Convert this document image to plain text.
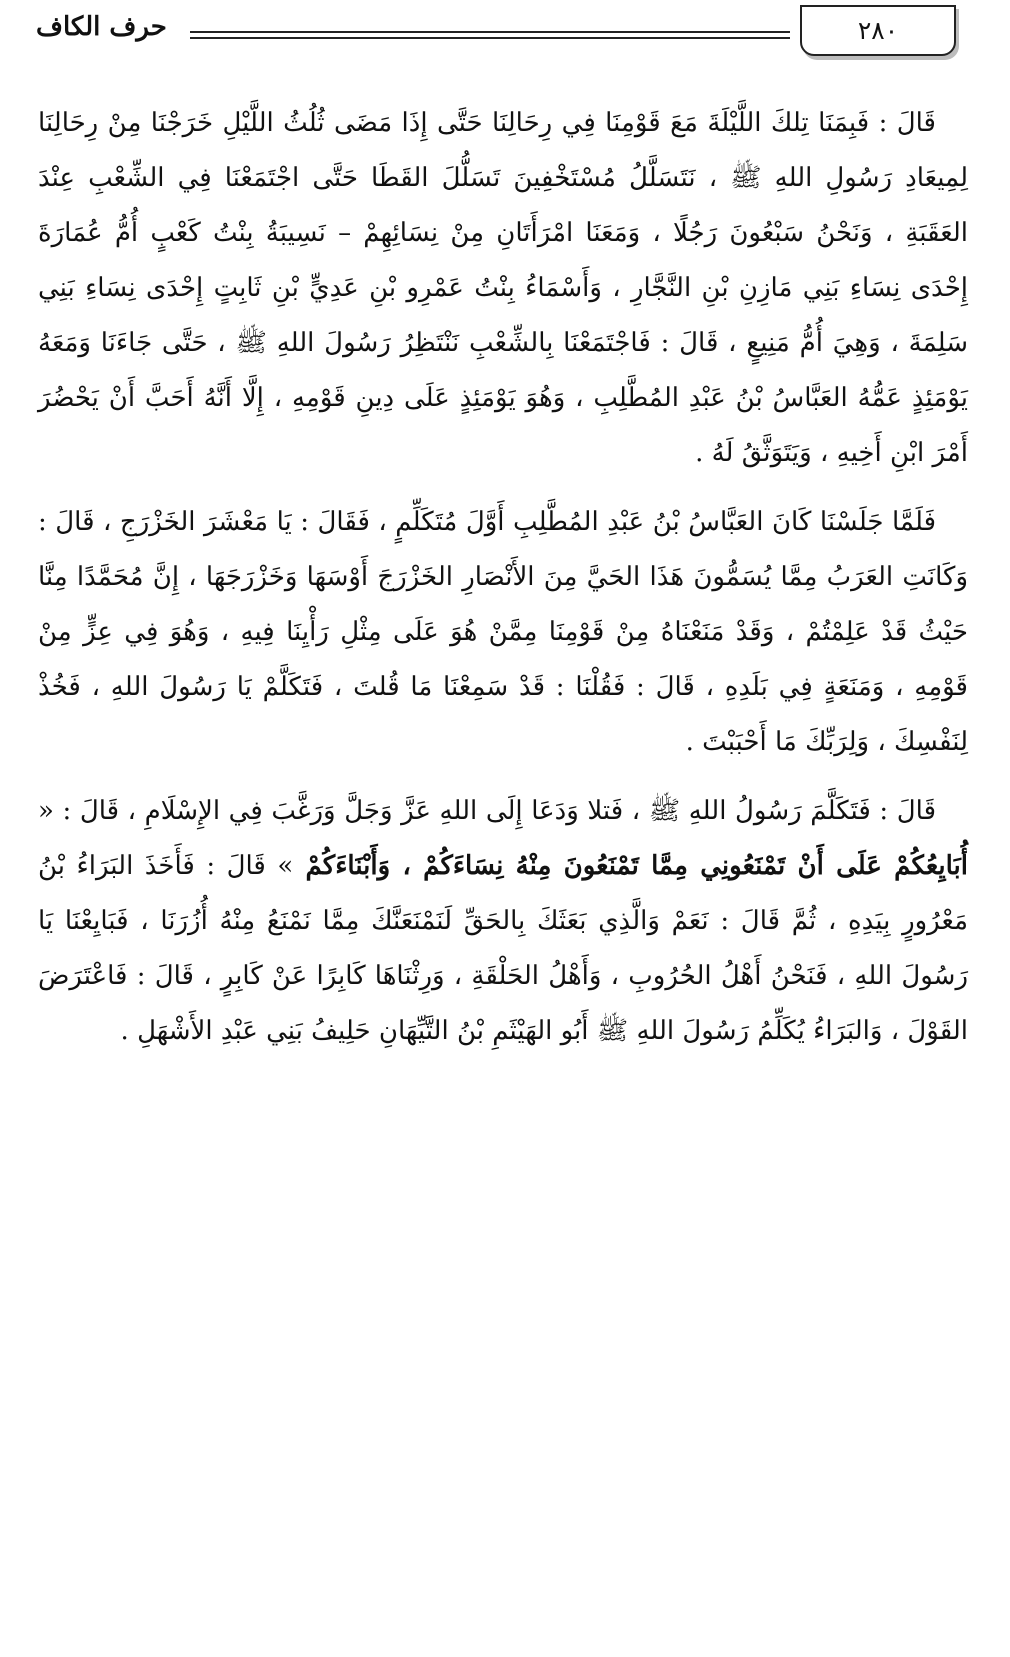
٢٨٠
حرف الكاف

قَالَ : فَبِمَنَا تِلكَ اللَّيْلَةَ مَعَ قَوْمِنَا فِي رِحَالِنَا حَتَّى إِذَا مَضَى ثُلُثُ اللَّيْلِ خَرَجْنَا مِنْ رِحَالِنَا لِمِيعَادِ رَسُولِ اللهِ ﷺ ، نَتَسَلَّلُ مُسْتَخْفِينَ تَسَلُّلَ القَطَا حَتَّى اجْتَمَعْنَا فِي الشِّعْبِ عِنْدَ العَقَبَةِ ، وَنَحْنُ سَبْعُونَ رَجُلًا ، وَمَعَنَا امْرَأَتَانِ مِنْ نِسَائِهِمْ – نَسِيبَةُ بِنْتُ كَعْبٍ أُمُّ عُمَارَةَ إِحْدَى نِسَاءِ بَنِي مَازِنِ بْنِ النَّجَّارِ ، وَأَسْمَاءُ بِنْتُ عَمْرِو بْنِ عَدِيٍّ بْنِ ثَابِتٍ إِحْدَى نِسَاءِ بَنِي سَلِمَةَ ، وَهِيَ أُمُّ مَنِيعٍ ، قَالَ : فَاجْتَمَعْنَا بِالشِّعْبِ نَنْتَظِرُ رَسُولَ اللهِ ﷺ ، حَتَّى جَاءَنَا وَمَعَهُ يَوْمَئِذٍ عَمُّهُ العَبَّاسُ بْنُ عَبْدِ المُطَّلِبِ ، وَهُوَ يَوْمَئِذٍ عَلَى دِينِ قَوْمِهِ ، إِلَّا أَنَّهُ أَحَبَّ أَنْ يَحْضُرَ أَمْرَ ابْنِ أَخِيهِ ، وَيَتَوَثَّقُ لَهُ .

فَلَمَّا جَلَسْنَا كَانَ العَبَّاسُ بْنُ عَبْدِ المُطَّلِبِ أَوَّلَ مُتَكَلِّمٍ ، فَقَالَ : يَا مَعْشَرَ الخَزْرَجِ ، قَالَ : وَكَانَتِ العَرَبُ مِمَّا يُسَمُّونَ هَذَا الحَيَّ مِنَ الأَنْصَارِ الخَزْرَجَ أَوْسَهَا وَخَزْرَجَهَا ، إِنَّ مُحَمَّدًا مِنَّا حَيْثُ قَدْ عَلِمْتُمْ ، وَقَدْ مَنَعْنَاهُ مِنْ قَوْمِنَا مِمَّنْ هُوَ عَلَى مِثْلِ رَأْيِنَا فِيهِ ، وَهُوَ فِي عِزٍّ مِنْ قَوْمِهِ ، وَمَنَعَةٍ فِي بَلَدِهِ ، قَالَ : فَقُلْنَا : قَدْ سَمِعْنَا مَا قُلتَ ، فَتَكَلَّمْ يَا رَسُولَ اللهِ ، فَخُذْ لِنَفْسِكَ ، وَلِرَبِّكَ مَا أَحْبَبْتَ .

قَالَ : فَتَكَلَّمَ رَسُولُ اللهِ ﷺ ، فَتلا وَدَعَا إِلَى اللهِ عَزَّ وَجَلَّ وَرَغَّبَ فِي الإِسْلَامِ ، قَالَ : « أُبَايِعُكُمْ عَلَى أَنْ تَمْنَعُونِي مِمَّا تَمْنَعُونَ مِنْهُ نِسَاءَكُمْ ، وَأَبْنَاءَكُمْ » قَالَ : فَأَخَذَ البَرَاءُ بْنُ مَعْرُورٍ بِيَدِهِ ، ثُمَّ قَالَ : نَعَمْ وَالَّذِي بَعَثَكَ بِالحَقِّ لَنَمْنَعَنَّكَ مِمَّا نَمْنَعُ مِنْهُ أُزُرَنَا ، فَبَايِعْنَا يَا رَسُولَ اللهِ ، فَنَحْنُ أَهْلُ الحُرُوبِ ، وَأَهْلُ الحَلْقَةِ ، وَرِثْنَاهَا كَابِرًا عَنْ كَابِرٍ ، قَالَ : فَاعْتَرَضَ القَوْلَ ، وَالبَرَاءُ يُكَلِّمُ رَسُولَ اللهِ ﷺ أَبُو الهَيْثَمِ بْنُ التَّيِّهَانِ حَلِيفُ بَنِي عَبْدِ الأَشْهَلِ .
